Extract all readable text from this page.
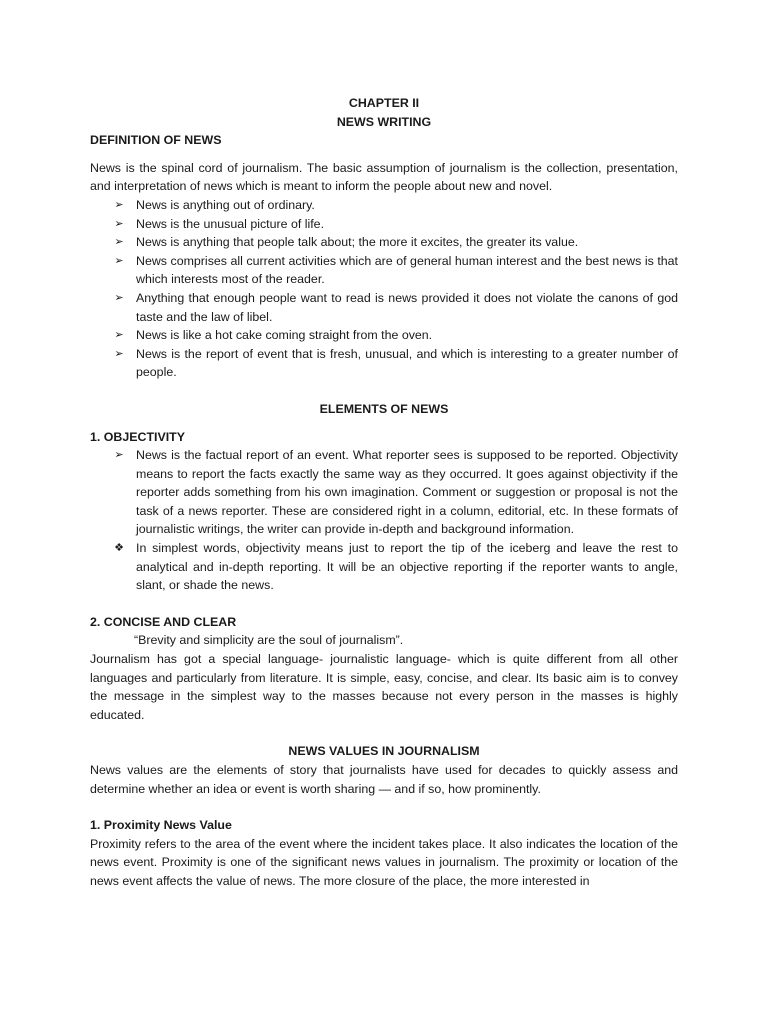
CHAPTER II
NEWS WRITING
DEFINITION OF NEWS

News is the spinal cord of journalism. The basic assumption of journalism is the collection, presentation, and interpretation of news which is meant to inform the people about new and novel.

➢ News is anything out of ordinary.
➢ News is the unusual picture of life.
➢ News is anything that people talk about; the more it excites, the greater its value.
➢ News comprises all current activities which are of general human interest and the best news is that which interests most of the reader.
➢ Anything that enough people want to read is news provided it does not violate the canons of god taste and the law of libel.
➢ News is like a hot cake coming straight from the oven.
➢ News is the report of event that is fresh, unusual, and which is interesting to a greater number of people.
ELEMENTS OF NEWS
1. OBJECTIVITY
➢ News is the factual report of an event. What reporter sees is supposed to be reported. Objectivity means to report the facts exactly the same way as they occurred. It goes against objectivity if the reporter adds something from his own imagination. Comment or suggestion or proposal is not the task of a news reporter. These are considered right in a column, editorial, etc. In these formats of journalistic writings, the writer can provide in-depth and background information.
❖ In simplest words, objectivity means just to report the tip of the iceberg and leave the rest to analytical and in-depth reporting. It will be an objective reporting if the reporter wants to angle, slant, or shade the news.
2. CONCISE AND CLEAR
“Brevity and simplicity are the soul of journalism”.

Journalism has got a special language- journalistic language- which is quite different from all other languages and particularly from literature. It is simple, easy, concise, and clear. Its basic aim is to convey the message in the simplest way to the masses because not every person in the masses is highly educated.

NEWS VALUES IN JOURNALISM

News values are the elements of story that journalists have used for decades to quickly assess and determine whether an idea or event is worth sharing — and if so, how prominently.

1. Proximity News Value

Proximity refers to the area of the event where the incident takes place. It also indicates the location of the news event. Proximity is one of the significant news values in journalism. The proximity or location of the news event affects the value of news. The more closure of the place, the more interested in
